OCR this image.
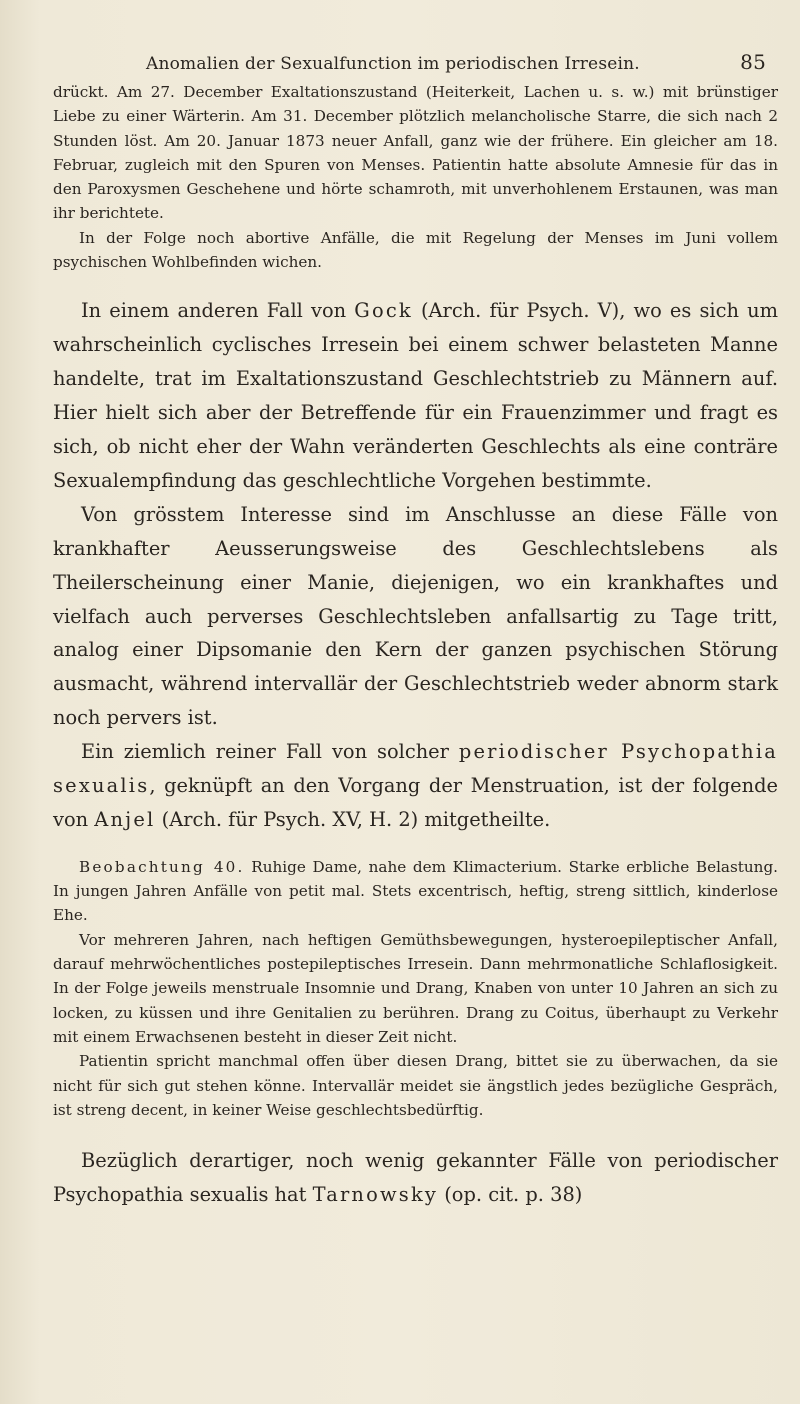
Anomalien der Sexualfunction im periodischen Irresein.	85

drückt. Am 27. December Exaltationszustand (Heiterkeit, Lachen u. s. w.) mit brünstiger Liebe zu einer Wärterin. Am 31. December plötzlich melancholische Starre, die sich nach 2 Stunden löst. Am 20. Januar 1873 neuer Anfall, ganz wie der frühere. Ein gleicher am 18. Februar, zugleich mit den Spuren von Menses. Patientin hatte absolute Amnesie für das in den Paroxysmen Geschehene und hörte schamroth, mit unverhohlenem Erstaunen, was man ihr berichtete.

In der Folge noch abortive Anfälle, die mit Regelung der Menses im Juni vollem psychischen Wohlbefinden wichen.

In einem anderen Fall von Gock (Arch. für Psych. V), wo es sich um wahrscheinlich cyclisches Irresein bei einem schwer belasteten Manne handelte, trat im Exaltationszustand Geschlechtstrieb zu Männern auf. Hier hielt sich aber der Betreffende für ein Frauenzimmer und fragt es sich, ob nicht eher der Wahn veränderten Geschlechts als eine conträre Sexualempfindung das geschlechtliche Vorgehen bestimmte.

Von grösstem Interesse sind im Anschlusse an diese Fälle von krankhafter Aeusserungsweise des Geschlechtslebens als Theilerscheinung einer Manie, diejenigen, wo ein krankhaftes und vielfach auch perverses Geschlechtsleben anfallsartig zu Tage tritt, analog einer Dipsomanie den Kern der ganzen psychischen Störung ausmacht, während intervallär der Geschlechtstrieb weder abnorm stark noch pervers ist.

Ein ziemlich reiner Fall von solcher periodischer Psychopathia sexualis, geknüpft an den Vorgang der Menstruation, ist der folgende von Anjel (Arch. für Psych. XV, H. 2) mitgetheilte.

Beobachtung 40. Ruhige Dame, nahe dem Klimacterium. Starke erbliche Belastung. In jungen Jahren Anfälle von petit mal. Stets excentrisch, heftig, streng sittlich, kinderlose Ehe.

Vor mehreren Jahren, nach heftigen Gemüthsbewegungen, hysteroepileptischer Anfall, darauf mehrwöchentliches postepileptisches Irresein. Dann mehrmonatliche Schlaflosigkeit. In der Folge jeweils menstruale Insomnie und Drang, Knaben von unter 10 Jahren an sich zu locken, zu küssen und ihre Genitalien zu berühren. Drang zu Coitus, überhaupt zu Verkehr mit einem Erwachsenen besteht in dieser Zeit nicht.

Patientin spricht manchmal offen über diesen Drang, bittet sie zu überwachen, da sie nicht für sich gut stehen könne. Intervallär meidet sie ängstlich jedes bezügliche Gespräch, ist streng decent, in keiner Weise geschlechtsbedürftig.

Bezüglich derartiger, noch wenig gekannter Fälle von periodischer Psychopathia sexualis hat Tarnowsky (op. cit. p. 38)
